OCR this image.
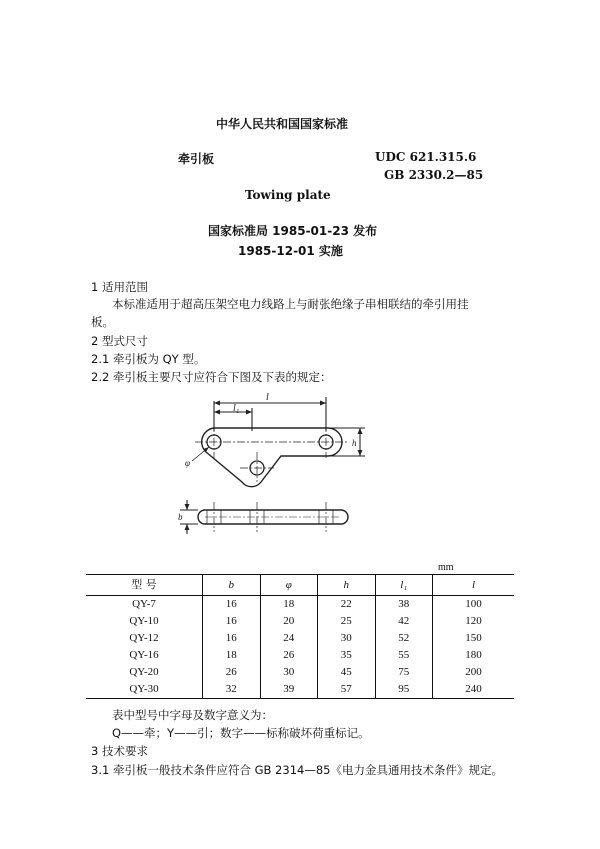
中华人民共和国国家标准
牵引板	UDC 621.315.6
GB 2330.2—85
Towing plate
国家标准局 1985-01-23 发布
1985-12-01 实施
1 适用范围
本标准适用于超高压架空电力线路上与耐张绝缘子串相联结的牵引用挂
板。
2 型式尺寸
2.1 牵引板为 QY 型。
2.2 牵引板主要尺寸应符合下图及下表的规定：
l₁
l
φ
h
b
mm
型 号	b	φ	h	l₁	l
QY-7	16	18	22	38	100
QY-10	16	20	25	42	120
QY-12	16	24	30	52	150
QY-16	18	26	35	55	180
QY-20	26	30	45	75	200
QY-30	32	39	57	95	240
表中型号中字母及数字意义为：
Q——牵；Y——引；数字——标称破坏荷重标记。
3 技术要求
3.1 牵引板一般技术条件应符合 GB 2314—85《电力金具通用技术条件》规定。
